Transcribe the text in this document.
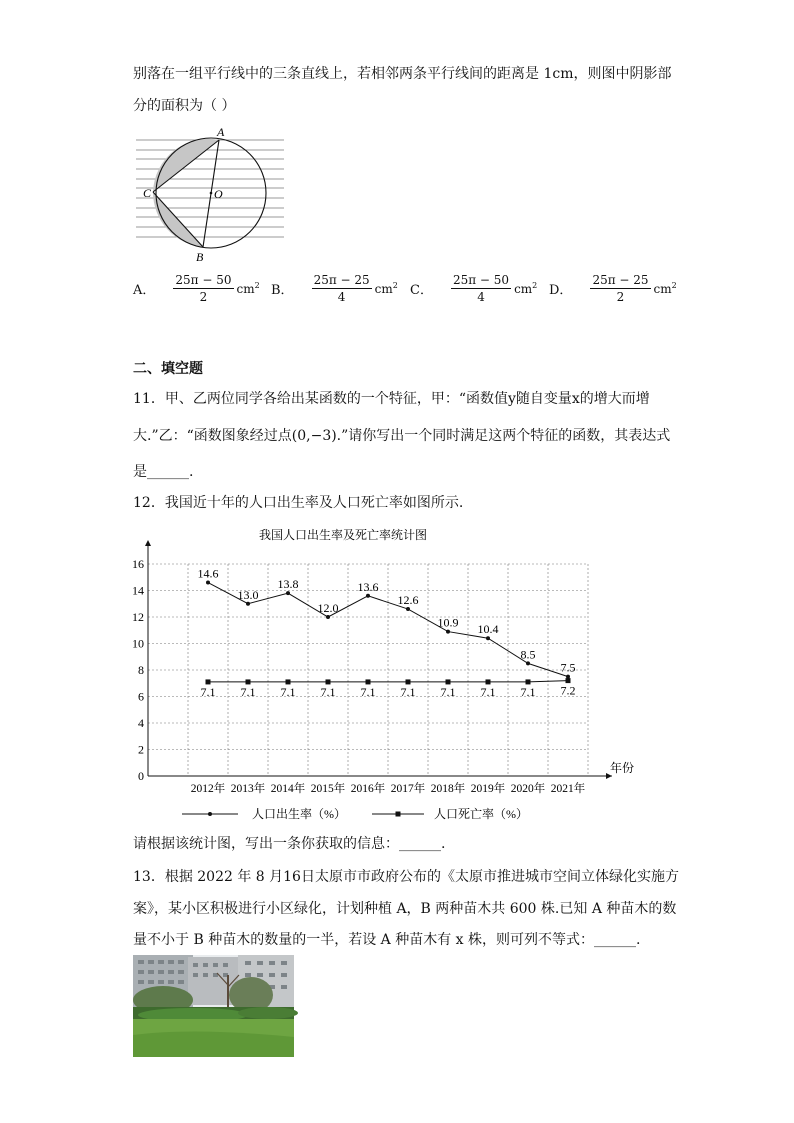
别落在一组平行线中的三条直线上，若相邻两条平行线间的距离是 1cm，则图中阴影部
分的面积为（ ）
A
C	O
B
A． $\frac{25\pi - 50}{2} cm^2$ B． $\frac{25\pi - 25}{4} cm^2$ C． $\frac{25\pi - 50}{4} cm^2$ D． $\frac{25\pi - 25}{2} cm^2$
二、填空题
11．甲、乙两位同学各给出某函数的一个特征，甲：“函数值y随自变量x的增大而增
大.”乙：“函数图象经过点(0,−3).”请你写出一个同时满足这两个特征的函数，其表达式
是______.
12．我国近十年的人口出生率及人口死亡率如图所示.
我国人口出生率及死亡率统计图
0
2
4
6
8
10
12
14
16
2012年 2013年 2014年 2015年 2016年 2017年 2018年 2019年 2020年 2021年
年份
14.6
13.0
13.8
12.0
13.6
12.6
10.9 10.4
8.5
7.5
7.1 7.1 7.1 7.1 7.1 7.1 7.1 7.1 7.1 7.2
人口出生率（%）	人口死亡率（%）
请根据该统计图，写出一条你获取的信息：______.
13．根据 2022 年 8 月16日太原市市政府公布的《太原市推进城市空间立体绿化实施方
案》，某小区积极进行小区绿化，计划种植 A，B 两种苗木共 600 株.已知 A 种苗木的数
量不小于 B 种苗木的数量的一半，若设 A 种苗木有 x 株，则可列不等式：______.
